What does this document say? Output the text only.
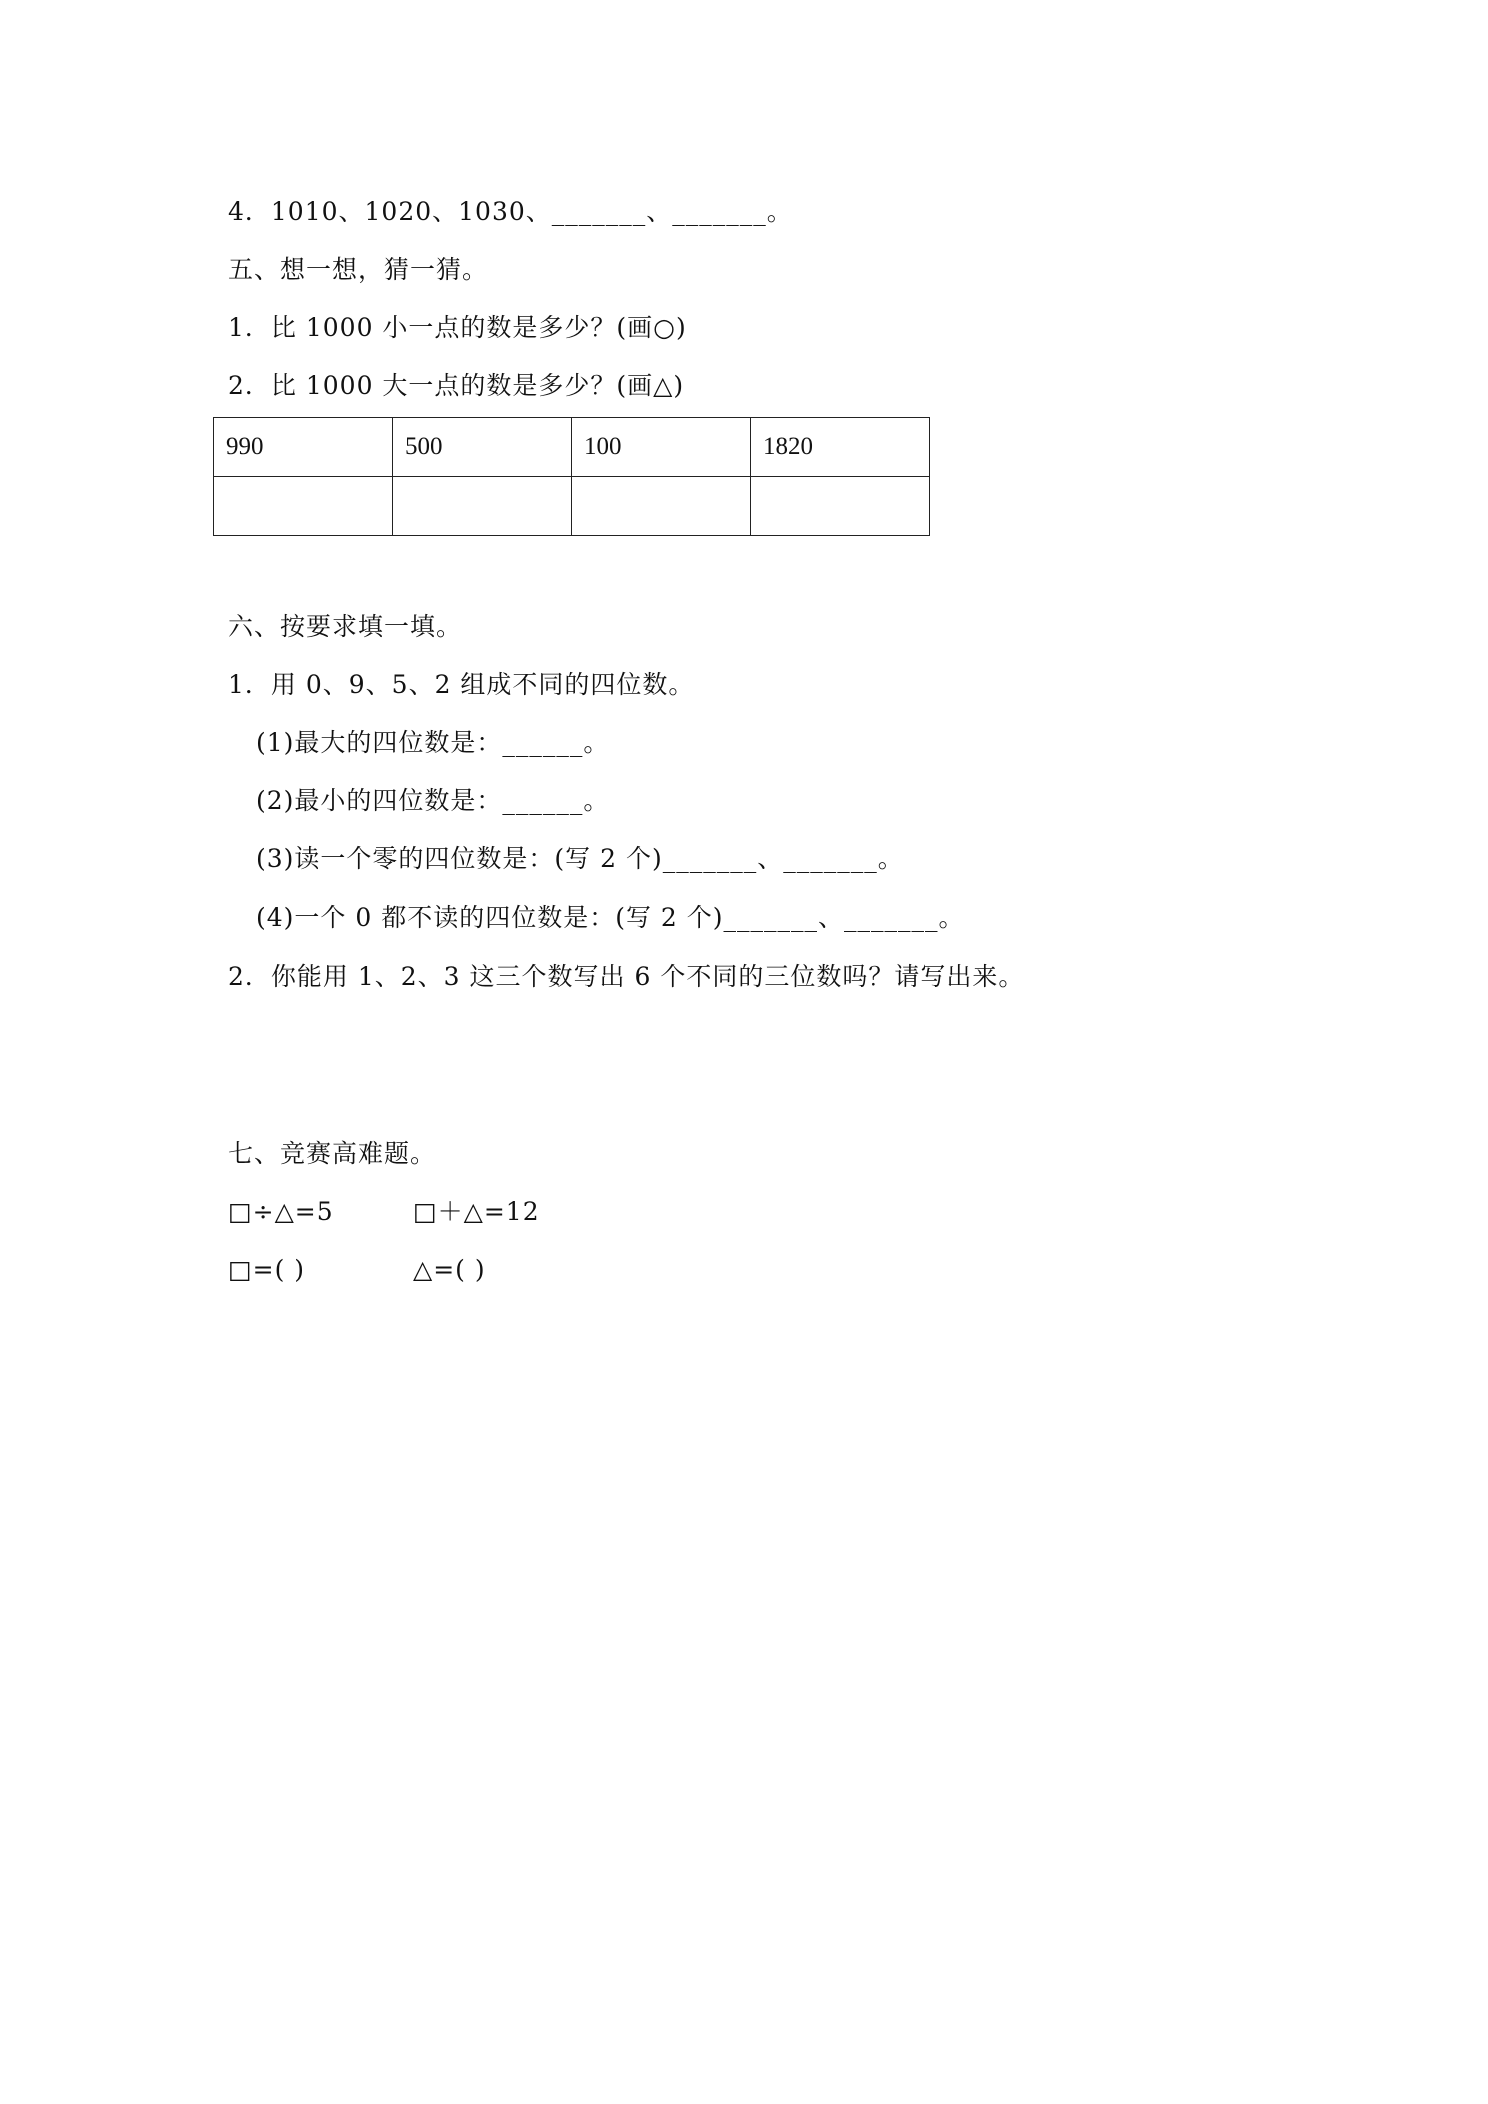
4．1010、1020、1030、_______、_______。
五、想一想，猜一猜。
1．比 1000 小一点的数是多少？(画○)
2．比 1000 大一点的数是多少？(画△)
990	500	100	1820

六、按要求填一填。
1．用 0、9、5、2 组成不同的四位数。
(1)最大的四位数是：______。
(2)最小的四位数是：______。
(3)读一个零的四位数是：(写 2 个)_______、_______。
(4)一个 0 都不读的四位数是：(写 2 个)_______、_______。
2．你能用 1、2、3 这三个数写出 6 个不同的三位数吗？请写出来。
七、竞赛高难题。
□÷△=5	□＋△=12
□=( )	△=( )
